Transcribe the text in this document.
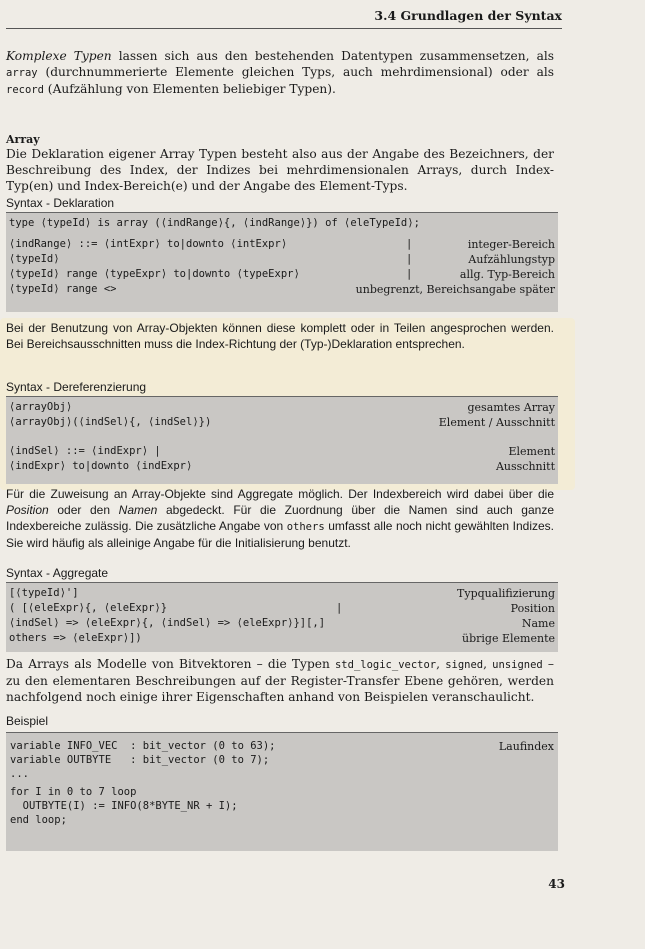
3.4 Grundlagen der Syntax
Komplexe Typen lassen sich aus den bestehenden Datentypen zusammensetzen, als array (durchnummerierte Elemente gleichen Typs, auch mehrdimensional) oder als record (Aufzählung von Elementen beliebiger Typen).
Array
Die Deklaration eigener Array Typen besteht also aus der Angabe des Bezeichners, der Beschreibung des Index, der Indizes bei mehrdimensionalen Arrays, durch Index-Typ(en) und Index-Bereich(e) und der Angabe des Element-Typs.
Syntax - Deklaration
type ⟨typeId⟩ is array (⟨indRange⟩{, ⟨indRange⟩}) of ⟨eleTypeId⟩;
⟨indRange⟩ ::= ⟨intExpr⟩ to|downto ⟨intExpr⟩	|	integer-Bereich
⟨typeId⟩	|	Aufzählungstyp
⟨typeId⟩ range ⟨typeExpr⟩ to|downto ⟨typeExpr⟩	|	allg. Typ-Bereich
⟨typeId⟩ range <>	unbegrenzt, Bereichsangabe später
Bei der Benutzung von Array-Objekten können diese komplett oder in Teilen angesprochen werden. Bei Bereichsausschnitten muss die Index-Richtung der (Typ-)Deklaration entsprechen.
Syntax - Dereferenzierung
⟨arrayObj⟩	gesamtes Array
⟨arrayObj⟩(⟨indSel⟩{, ⟨indSel⟩})	Element / Ausschnitt
⟨indSel⟩ ::= ⟨indExpr⟩ |	Element
⟨indExpr⟩ to|downto ⟨indExpr⟩	Ausschnitt
Für die Zuweisung an Array-Objekte sind Aggregate möglich. Der Indexbereich wird dabei über die Position oder den Namen abgedeckt. Für die Zuordnung über die Namen sind auch ganze Indexbereiche zulässig. Die zusätzliche Angabe von others umfasst alle noch nicht gewählten Indizes. Sie wird häufig als alleinige Angabe für die Initialisierung benutzt.
Syntax - Aggregate
[⟨typeId⟩']	Typqualifizierung
( [⟨eleExpr⟩{, ⟨eleExpr⟩}	|	Position
⟨indSel⟩ => ⟨eleExpr⟩{, ⟨indSel⟩ => ⟨eleExpr⟩}][,]	Name
others => ⟨eleExpr⟩])	übrige Elemente
Da Arrays als Modelle von Bitvektoren – die Typen std_logic_vector, signed, unsigned – zu den elementaren Beschreibungen auf der Register-Transfer Ebene gehören, werden nachfolgend noch einige ihrer Eigenschaften anhand von Beispielen veranschaulicht.
Beispiel
variable INFO_VEC  : bit_vector (0 to 63);
variable OUTBYTE   : bit_vector (0 to 7);
...
for I in 0 to 7 loop
OUTBYTE(I) := INFO(8*BYTE_NR + I);
end loop;
Laufindex
43
